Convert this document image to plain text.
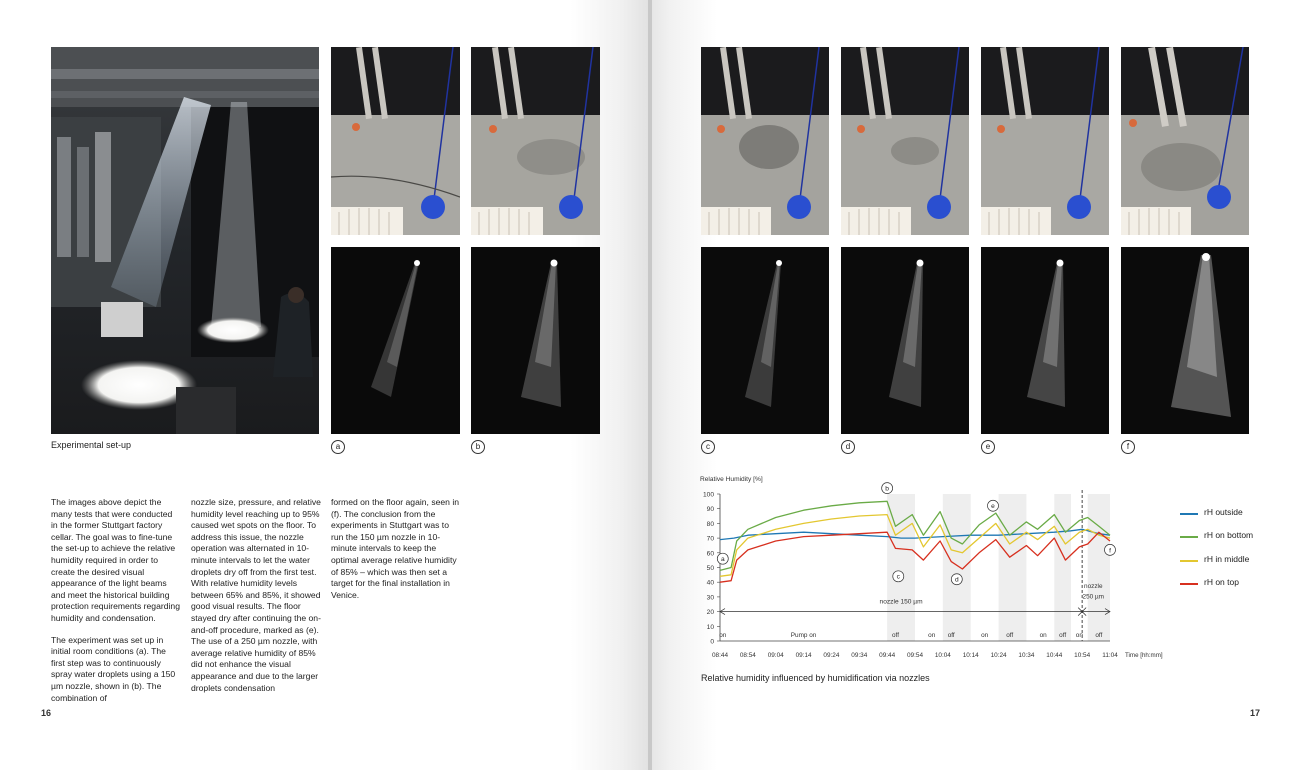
Experimental set-up	a	b

The images above depict the many tests that were conducted in the former Stuttgart factory cellar. The goal was to fine-tune the set-up to achieve the relative humidity required in order to create the desired visual appearance of the light beams and meet the historical building protection requirements regarding humidity and condensation.

The experiment was set up in initial room conditions (a). The first step was to continuously spray water droplets using a 150 µm nozzle, shown in (b). The combination of

nozzle size, pressure, and relative humidity level reaching up to 95% caused wet spots on the floor. To address this issue, the nozzle operation was alternated in 10-minute intervals to let the water droplets dry off from the first test. With relative humidity levels between 65% and 85%, it showed good visual results. The floor stayed dry after continuing the on-and-off procedure, marked as (e). The use of a 250 µm nozzle, with average relative humidity of 85% did not enhance the visual appearance and due to the larger droplets condensation

formed on the floor again, seen in (f). The conclusion from the experiments in Stuttgart was to run the 150 µm nozzle in 10-minute intervals to keep the optimal average relative humidity of 85% – which was then set a target for the final installation in Venice.

16
c	d	e	f
0
10
20
30
40
50
60
70
80
90
100
Relative Humidity [%]
08:44 08:54 09:04 09:14 09:24 09:34 09:44 09:54 10:04 10:14 10:24 10:34 10:44 10:54 11:04 Time [hh:mm]
on	Pump on	off	on off	on	off	on off on off
nozzle 150 µm
nozzle
250 µm
a
b
c	d
e
f
rH outside
rH on bottom
rH in middle
rH on top
Relative humidity influenced by humidification via nozzles
17
